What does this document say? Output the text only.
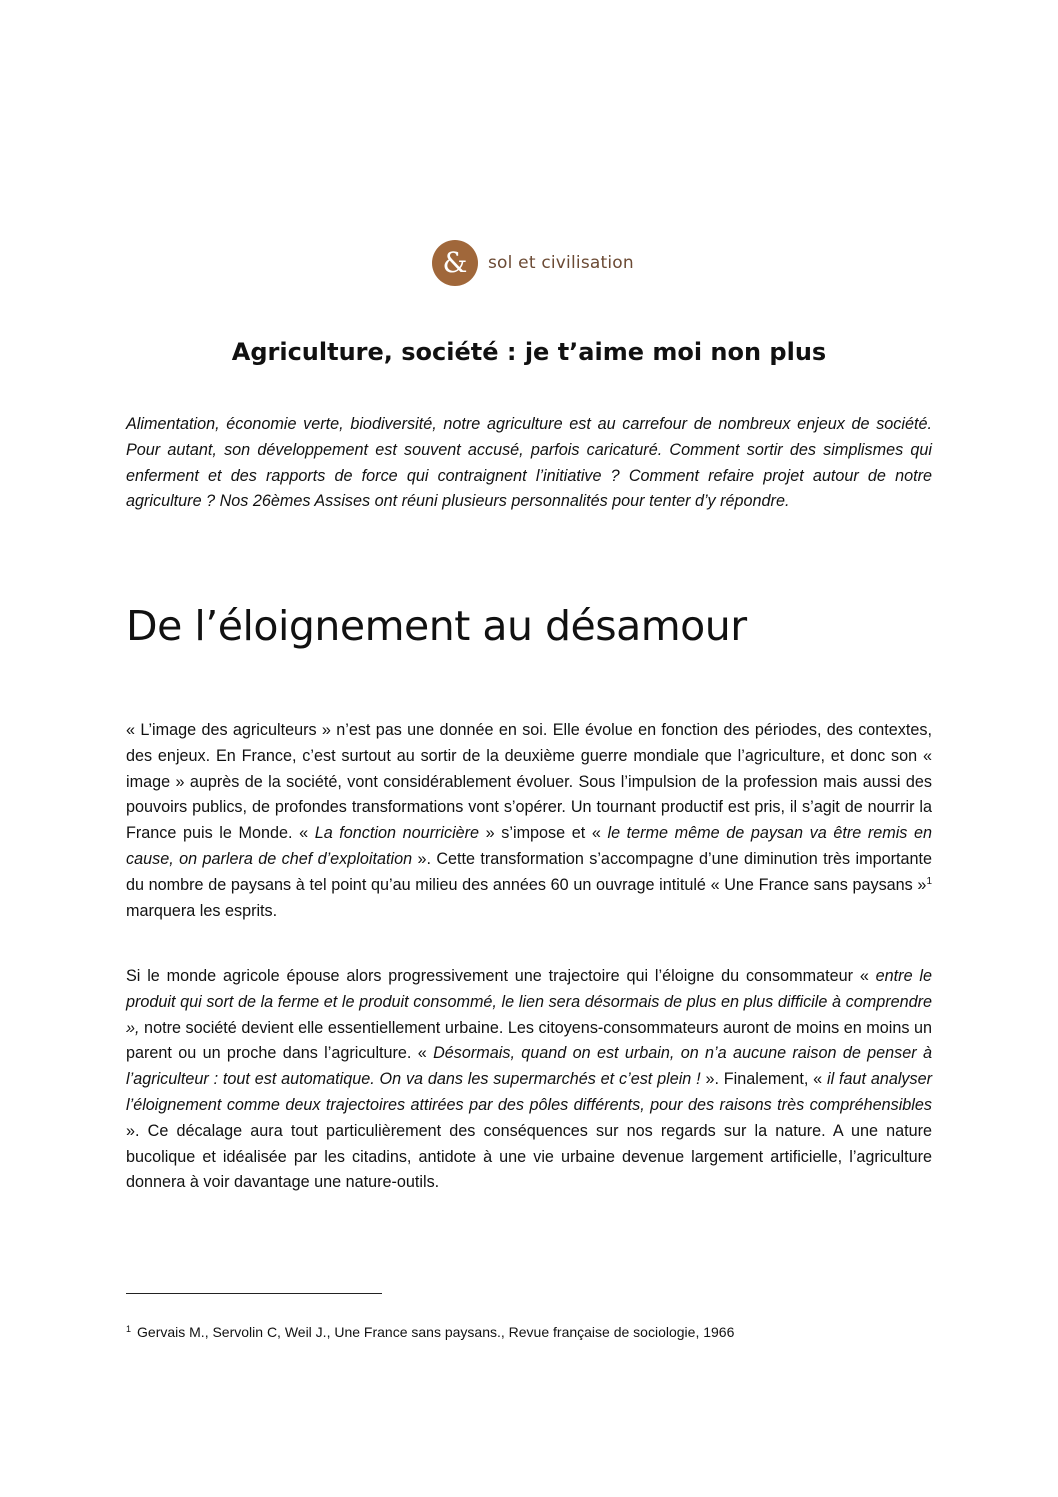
&	sol et civilisation
Agriculture, société : je t’aime moi non plus

Alimentation, économie verte, biodiversité, notre agriculture est au carrefour de nombreux enjeux de société. Pour autant, son développement est souvent accusé, parfois caricaturé. Comment sortir des simplismes qui enferment et des rapports de force qui contraignent l’initiative ? Comment refaire projet autour de notre agriculture ? Nos 26èmes Assises ont réuni plusieurs personnalités pour tenter d’y répondre.

De l’éloignement au désamour

« L’image des agriculteurs » n’est pas une donnée en soi. Elle évolue en fonction des périodes, des contextes, des enjeux. En France, c’est surtout au sortir de la deuxième guerre mondiale que l’agriculture, et donc son « image » auprès de la société, vont considérablement évoluer. Sous l’impulsion de la profession mais aussi des pouvoirs publics, de profondes transformations vont s’opérer. Un tournant productif est pris, il s’agit de nourrir la France puis le Monde. « La fonction nourricière » s’impose et « le terme même de paysan va être remis en cause, on parlera de chef d’exploitation ». Cette transformation s’accompagne d’une diminution très importante du nombre de paysans à tel point qu’au milieu des années 60 un ouvrage intitulé « Une France sans paysans »$^1$ marquera les esprits.

Si le monde agricole épouse alors progressivement une trajectoire qui l’éloigne du consommateur « entre le produit qui sort de la ferme et le produit consommé, le lien sera désormais de plus en plus difficile à comprendre », notre société devient elle essentiellement urbaine. Les citoyens-consommateurs auront de moins en moins un parent ou un proche dans l’agriculture. « Désormais, quand on est urbain, on n’a aucune raison de penser à l’agriculteur : tout est automatique. On va dans les supermarchés et c’est plein ! ». Finalement, « il faut analyser l’éloignement comme deux trajectoires attirées par des pôles différents, pour des raisons très compréhensibles ». Ce décalage aura tout particulièrement des conséquences sur nos regards sur la nature. A une nature bucolique et idéalisée par les citadins, antidote à une vie urbaine devenue largement artificielle, l’agriculture donnera à voir davantage une nature-outils.

$^1$ Gervais M., Servolin C, Weil J., Une France sans paysans., Revue française de sociologie, 1966
